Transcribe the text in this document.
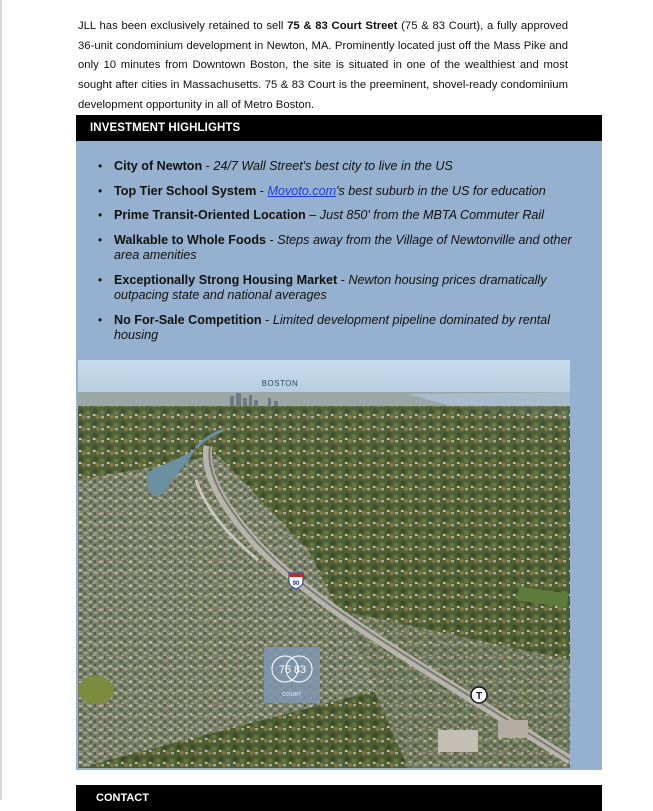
JLL has been exclusively retained to sell 75 & 83 Court Street (75 & 83 Court), a fully approved 36-unit condominium development in Newton, MA. Prominently located just off the Mass Pike and only 10 minutes from Downtown Boston, the site is situated in one of the wealthiest and most sought after cities in Massachusetts. 75 & 83 Court is the preeminent, shovel-ready condominium development opportunity in all of Metro Boston.

INVESTMENT HIGHLIGHTS
• City of Newton - 24/7 Wall Street's best city to live in the US
• Top Tier School System - Movoto.com's best suburb in the US for education
• Prime Transit-Oriented Location – Just 850' from the MBTA Commuter Rail
• Walkable to Whole Foods - Steps away from the Village of Newtonville and other area amenities
• Exceptionally Strong Housing Market - Newton housing prices dramatically outpacing state and national averages
• No For-Sale Competition - Limited development pipeline dominated by rental housing
BOSTON
90
75 83
COURT	T
CONTACT
